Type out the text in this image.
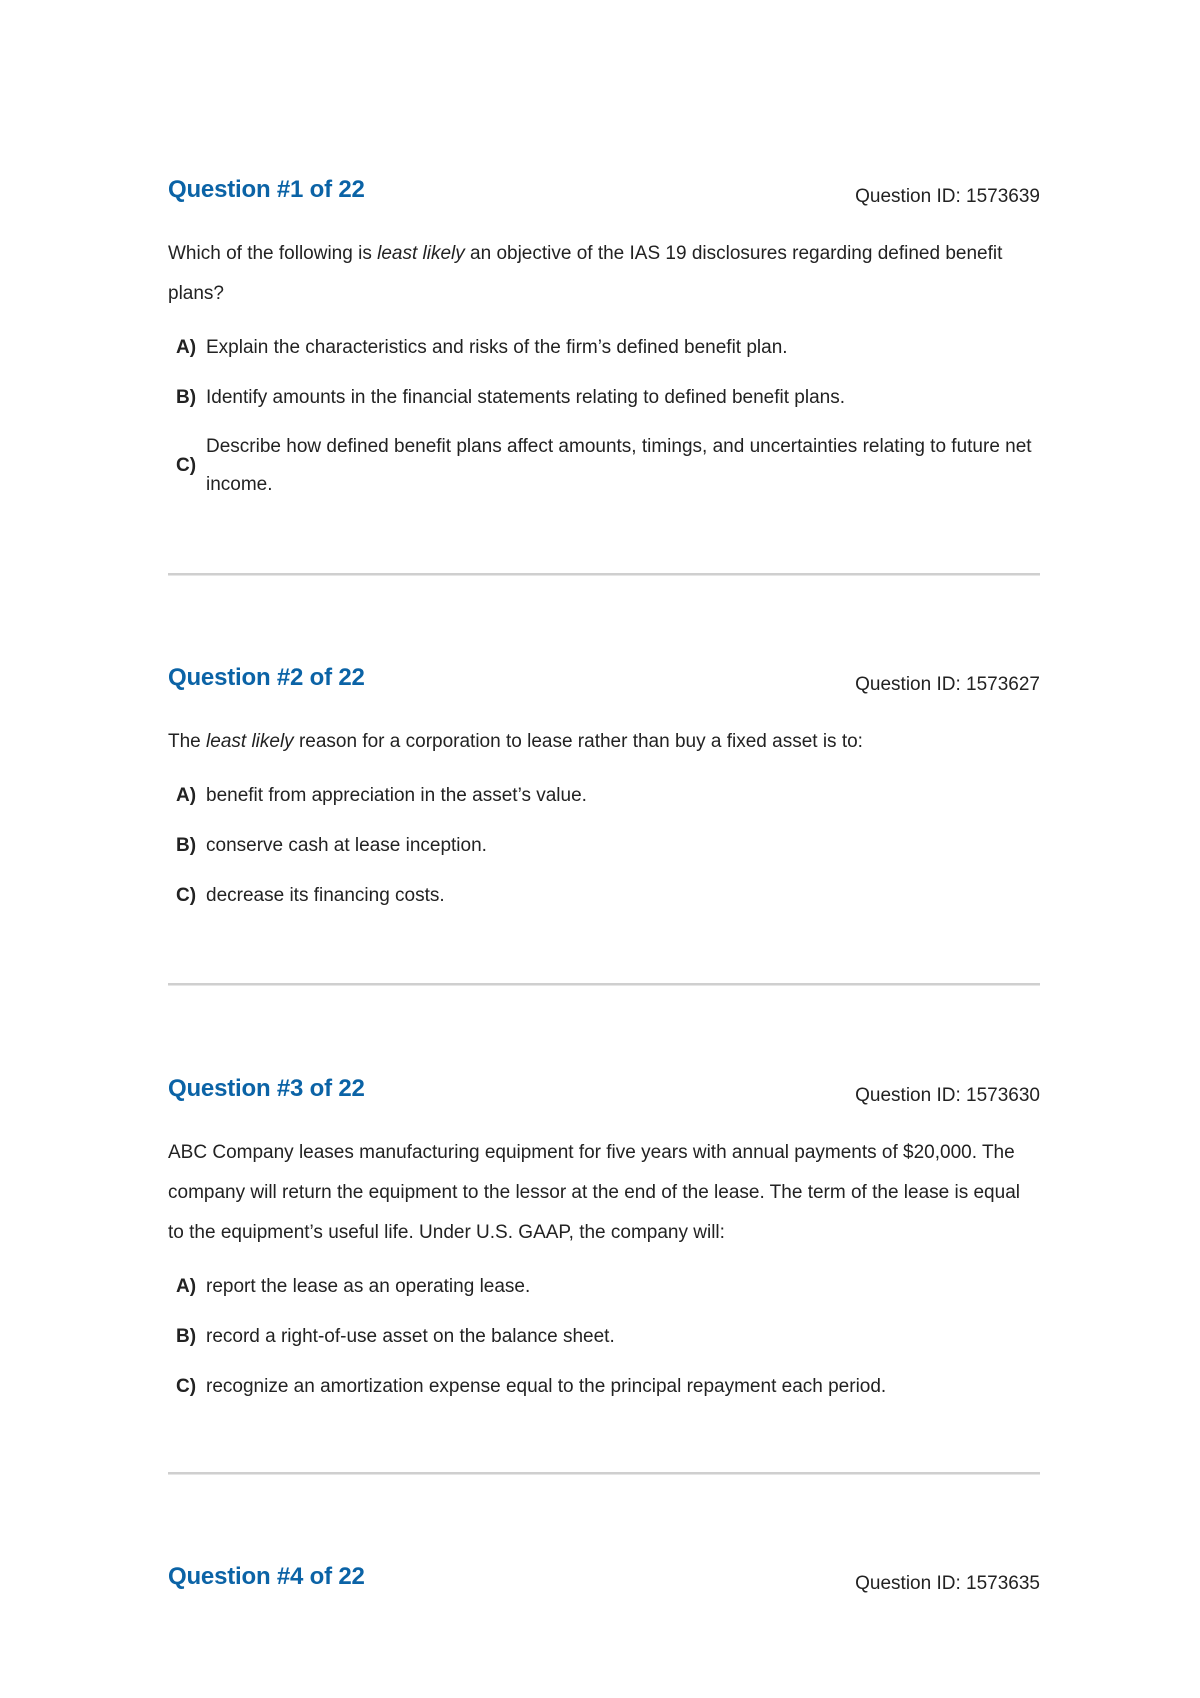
Question #1 of 22	Question ID: 1573639
Which of the following is least likely an objective of the IAS 19 disclosures regarding defined benefit plans?
A) Explain the characteristics and risks of the firm’s defined benefit plan.
B) Identify amounts in the financial statements relating to defined benefit plans.
C)
Describe how defined benefit plans affect amounts, timings, and uncertainties relating to future net income.
Question #2 of 22	Question ID: 1573627
The least likely reason for a corporation to lease rather than buy a fixed asset is to:
A) benefit from appreciation in the asset’s value.
B) conserve cash at lease inception.
C) decrease its financing costs.
Question #3 of 22	Question ID: 1573630
ABC Company leases manufacturing equipment for five years with annual payments of $20,000. The company will return the equipment to the lessor at the end of the lease. The term of the lease is equal to the equipment’s useful life. Under U.S. GAAP, the company will:
A) report the lease as an operating lease.
B) record a right-of-use asset on the balance sheet.
C) recognize an amortization expense equal to the principal repayment each period.
Question #4 of 22	Question ID: 1573635
